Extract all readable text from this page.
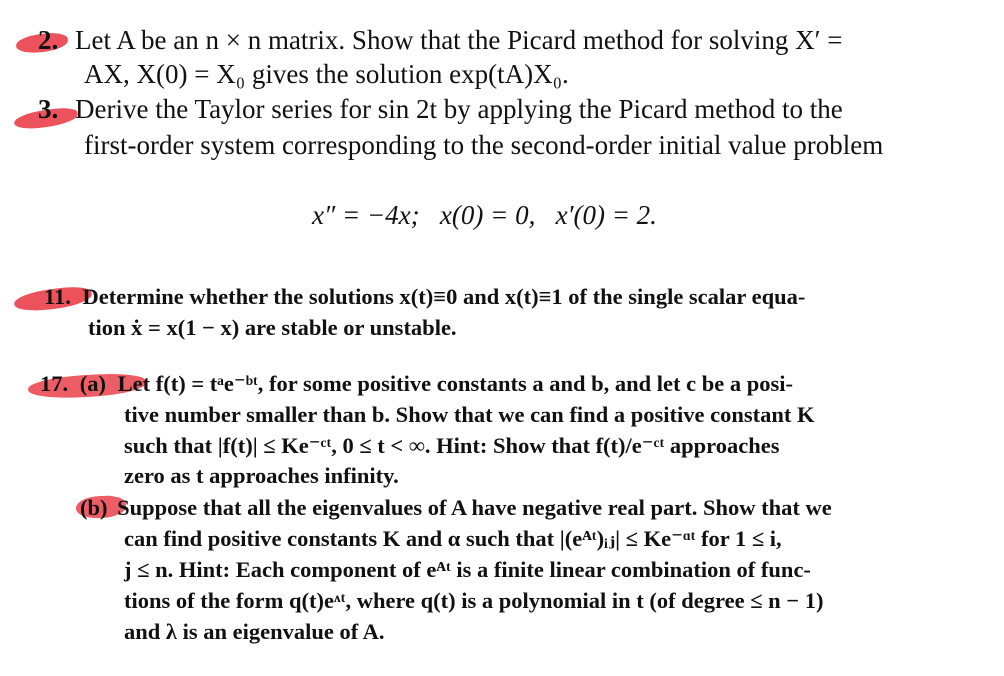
2. Let A be an n × n matrix. Show that the Picard method for solving X′ =
AX, X(0) = X₀ gives the solution exp(tA)X₀.
3. Derive the Taylor series for sin 2t by applying the Picard method to the
first-order system corresponding to the second-order initial value problem
x″ = −4x;   x(0) = 0,   x′(0) = 2.
11. Determine whether the solutions x(t)≡0 and x(t)≡1 of the single scalar equa-
tion ẋ = x(1 − x) are stable or unstable.
17. (a) Let f(t) = tᵃe⁻ᵇᵗ, for some positive constants a and b, and let c be a posi-
tive number smaller than b. Show that we can find a positive constant K
such that |f(t)| ≤ Ke⁻ᶜᵗ, 0 ≤ t < ∞. Hint: Show that f(t)/e⁻ᶜᵗ approaches
zero as t approaches infinity.
(b) Suppose that all the eigenvalues of A have negative real part. Show that we
can find positive constants K and α such that |(eᴬᵗ)ᵢⱼ| ≤ Ke⁻ᵅᵗ for 1 ≤ i,
j ≤ n. Hint: Each component of eᴬᵗ is a finite linear combination of func-
tions of the form q(t)eᶺᵗ, where q(t) is a polynomial in t (of degree ≤ n − 1)
and λ is an eigenvalue of A.
